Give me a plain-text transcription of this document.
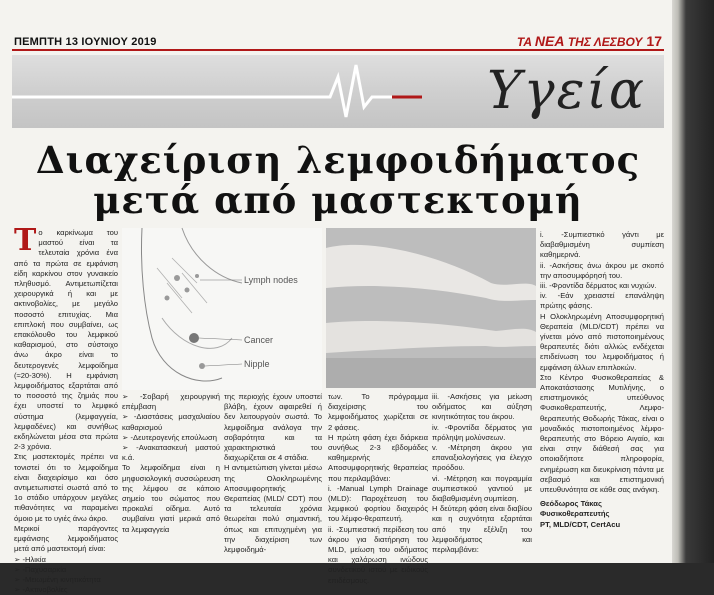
ΠΕΜΠΤΗ 13 ΙΟΥΝΙΟΥ 2019	ΤΑ ΝΕΑ ΤΗΣ ΛΕΣΒΟΥ 17
Υγεία
Διαχείριση λεμφοιδήματος
μετά από μαστεκτομή

Το καρκίνωμα του μαστού είναι τα τελευταία χρόνια ένα από τα πρώτα σε εμφάνιση είδη καρκίνου στον γυναικείο πληθυσμό. Αντιμετωπίζεται χειρουργικά ή και με ακτινοβολίες, με μεγάλο ποσοστό επιτυχίας. Μια επιπλοκή που συμβαίνει, ως επακόλουθο του λεμφικού καθαρισμού, στο σύστοιχο άνω άκρο είναι το δευτερογενές λεμφοίδημα (≈20-30%). Η εμφάνιση λεμφοιδήματος εξαρτάται από το ποσοστό της ζημιάς που έχει υποστεί το λεμφικό σύστημα (λεμφαγγεία, λεμφαδένες) και συνήθως εκδηλώνεται μέσα στα πρώτα 2-3 χρόνια.

Στις μαστεκτομές πρέπει να τονιστεί ότι το λεμφοίδημα είναι διαχειρίσιμο και όσο αντιμετωπιστεί σωστά από το 1ο στάδιο υπάρχουν μεγάλες πιθανότητες να παραμείνει όμοιο με το υγιές άνω άκρο.

Μερικοί παράγοντες εμφάνισης λεμφοιδήματος μετά από μαστεκτομή είναι:

➢ -Ηλικία

➢ -Παχυσαρκία

➢ -Μειωμένη κινητικότητα

➢ -Ακτινοβολίες

Lymph nodes
Cancer
Nipple

➢ -Σοβαρή χειρουργική επέμβαση

➢ -Διαστάσεις μασχαλιαίου καθαρισμού

➢ -Δευτερογενής επούλωση

➢ -Ανακατασκευή μαστού κ.ά.

Το λεμφοίδημα είναι η μηφυσιολογική συσσώρευση της λέμφου σε κάποιο σημείο του σώματος που προκαλεί οίδημα. Αυτό συμβαίνει γιατί μερικά από τα λεμφαγγεία

της περιοχής έχουν υποστεί βλάβη, έχουν αφαιρεθεί ή δεν λειτουργούν σωστά. Το λεμφοίδημα ανάλογα την σοβαρότητα και τα χαρακτηριστικά του διαχωρίζεται σε 4 στάδια.

Η αντιμετώπιση γίνεται μέσω της Ολοκληρωμένης Αποσυμφορητικής Θεραπείας (MLD/ CDT) που τα τελευταία χρόνια θεωρείται πολύ σημαντική, όπως και επιτυχημένη για την διαχείριση των λεμφοιδημά-

των. Το πρόγραμμα διαχείρισης του λεμφοιδήματος χωρίζεται σε 2 φάσεις.

Η πρώτη φάση έχει διάρκεια συνήθως 2-3 εβδομάδες καθημερινής Αποσυμφορητικής θεραπείας που περιλαμβάνει:

i. -Manual Lymph Drainage (MLD): Παροχέτευση του λεμφικού φορτίου διαχειρός του λέμφο-θεραπευτή.

ii. -Συμπιεστική περίδεση του άκρου για διατήρηση του MLD, μείωση του οιδήματος και χαλάρωση ινώδους συνδετικού ιστού με ειδικούς επιδέσμους.

iii. -Ασκήσεις για μείωση οιδήματος και αύξηση κινητικότητας του άκρου.

iv. -Φροντίδα δέρματος για πρόληψη μολύνσεων.

v. -Μέτρηση άκρου για επαναξιολογήσεις για έλεγχο προόδου.

vi. -Μέτρηση και πογραμμία συμπιεστικού γαντιού με διαβαθμισμένη συμπίεση.

Η δεύτερη φάση είναι διαβίου και η συχνότητα εξαρτάται από την εξέλιξη του λεμφοιδήματος και περιλαμβάνει:

i. -Συμπιεστικό γάντι με διαβαθμισμένη συμπίεση καθημερινά.

ii. -Ασκήσεις άνω άκρου με σκοπό την αποσυμφόρησή του.

iii. -Φροντίδα δέρματος και νυχιών.

iv. -Εάν χρειαστεί επανάληψη πρώτης φάσης.

Η Ολοκληρωμένη Αποσυμφορητική Θεραπεία (MLD/CDT) πρέπει να γίνεται μόνο από πιστοποιημένους θεραπευτές διότι αλλιώς ενδέχεται επιδείνωση του λεμφοιδήματος ή εμφάνιση άλλων επιπλοκών.

Στο Κέντρο Φυσικοθεραπείας & Αποκατάστασης Μυτιλήνης, ο επιστημονικός υπεύθυνος Φυσικοθεραπευτής, Λεμφο-θεραπευτής Θοδωρής Τάκας, είναι ο μοναδικός πιστοποιημένος λέμφο-θεραπευτής στο Βόρειο Αιγαίο, και είναι στην διάθεσή σας για οποιαδήποτε πληροφορία, ενημέρωση και διευκρίνιση πάντα με σεβασμό και επιστημονική υπευθυνότητα σε κάθε σας ανάγκη.

Θεόδωρος Τάκας

Φυσικοθεραπευτής

PT, MLD/CDT, CertAcu
